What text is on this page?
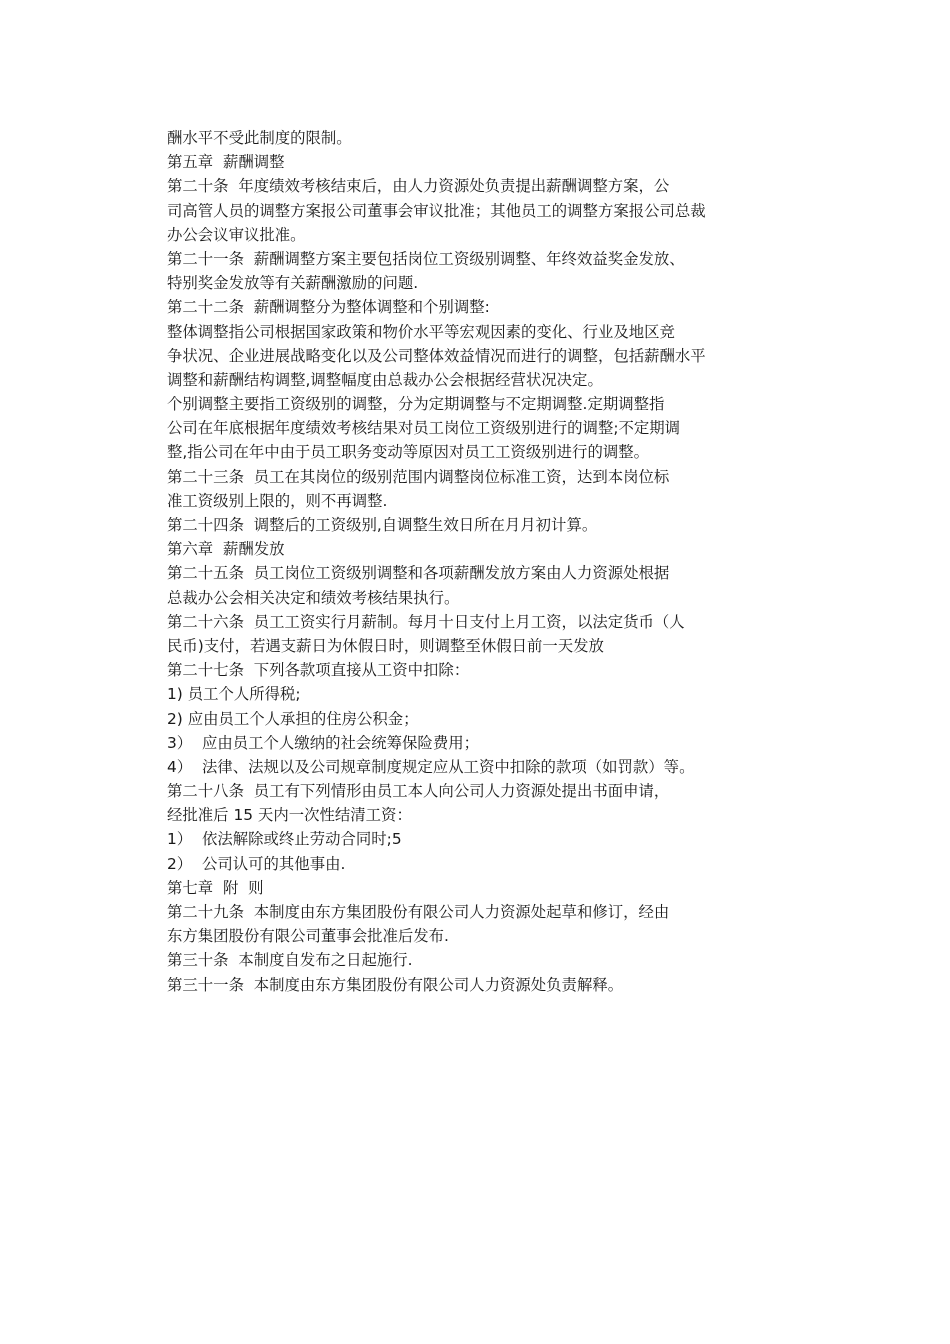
酬水平不受此制度的限制。
第五章  薪酬调整
第二十条  年度绩效考核结束后，由人力资源处负责提出薪酬调整方案，公
司高管人员的调整方案报公司董事会审议批准；其他员工的调整方案报公司总裁
办公会议审议批准。
第二十一条  薪酬调整方案主要包括岗位工资级别调整、年终效益奖金发放、
特别奖金发放等有关薪酬激励的问题.
第二十二条  薪酬调整分为整体调整和个别调整:
整体调整指公司根据国家政策和物价水平等宏观因素的变化、行业及地区竞
争状况、企业进展战略变化以及公司整体效益情况而进行的调整，包括薪酬水平
调整和薪酬结构调整,调整幅度由总裁办公会根据经营状况决定。
个别调整主要指工资级别的调整，分为定期调整与不定期调整.定期调整指
公司在年底根据年度绩效考核结果对员工岗位工资级别进行的调整;不定期调
整,指公司在年中由于员工职务变动等原因对员工工资级别进行的调整。
第二十三条  员工在其岗位的级别范围内调整岗位标准工资，达到本岗位标
准工资级别上限的，则不再调整.
第二十四条  调整后的工资级别,自调整生效日所在月月初计算。
第六章  薪酬发放
第二十五条  员工岗位工资级别调整和各项薪酬发放方案由人力资源处根据
总裁办公会相关决定和绩效考核结果执行。
第二十六条  员工工资实行月薪制。每月十日支付上月工资，以法定货币（人
民币)支付，若遇支薪日为休假日时，则调整至休假日前一天发放
第二十七条  下列各款项直接从工资中扣除：
1) 员工个人所得税;
2) 应由员工个人承担的住房公积金；
3）  应由员工个人缴纳的社会统筹保险费用；
4）  法律、法规以及公司规章制度规定应从工资中扣除的款项（如罚款）等。
第二十八条  员工有下列情形由员工本人向公司人力资源处提出书面申请，
经批准后 15 天内一次性结清工资：
1）  依法解除或终止劳动合同时;5
2）  公司认可的其他事由.
第七章  附  则
第二十九条  本制度由东方集团股份有限公司人力资源处起草和修订，经由
东方集团股份有限公司董事会批准后发布.
第三十条  本制度自发布之日起施行.
第三十一条  本制度由东方集团股份有限公司人力资源处负责解释。
